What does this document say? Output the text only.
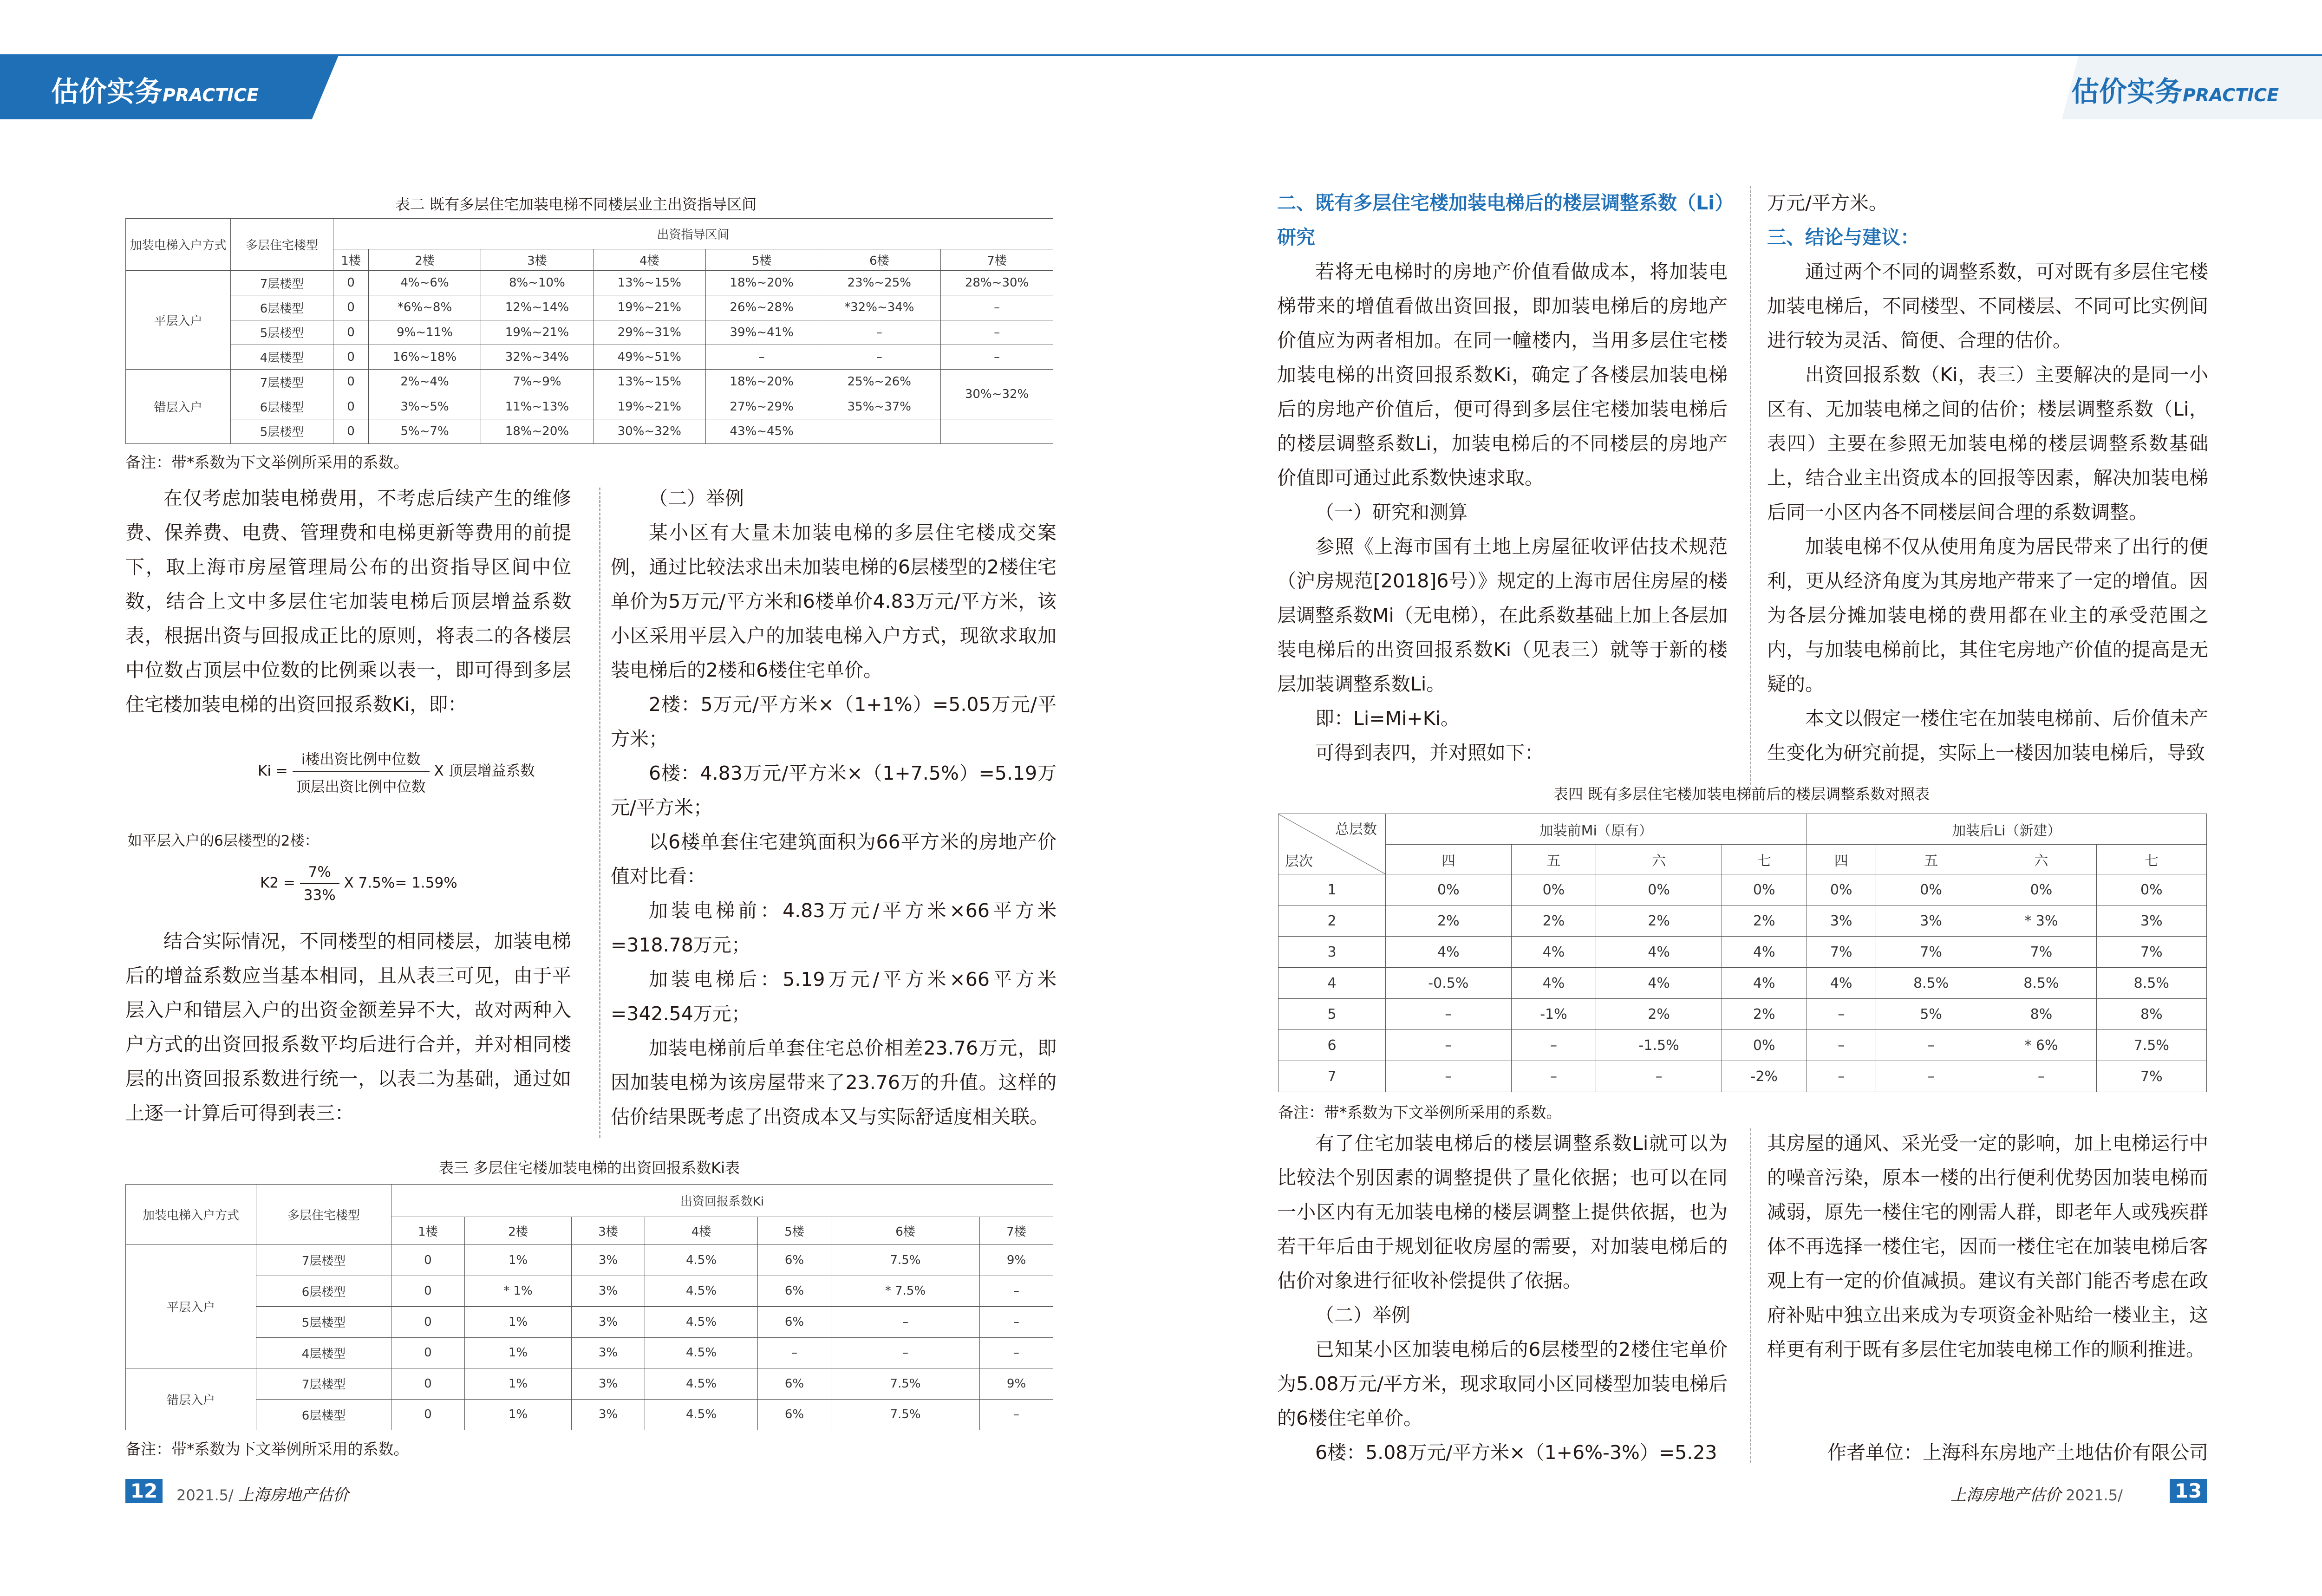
估价实务PRACTICE	估价实务PRACTICE
表二 既有多层住宅加装电梯不同楼层业主出资指导区间
加装电梯入户方式	多层住宅楼型	出资指导区间						
		1楼	2楼	3楼	4楼	5楼	6楼	7楼
平层入户	7层楼型	0	4%~6%	8%~10%	13%~15%	18%~20%	23%~25%	28%~30%
	6层楼型	0	*6%~8%	12%~14%	19%~21%	26%~28%	*32%~34%	–
	5层楼型	0	9%~11%	19%~21%	29%~31%	39%~41%	–	–
	4层楼型	0	16%~18%	32%~34%	49%~51%	–	–	–
错层入户	7层楼型	0	2%~4%	7%~9%	13%~15%	18%~20%	25%~26%	30%~32%
	6层楼型	0	3%~5%	11%~13%	19%~21%	27%~29%	35%~37%	
	5层楼型	0	5%~7%	18%~20%	30%~32%	43%~45%		
备注：带*系数为下文举例所采用的系数。

在仅考虑加装电梯费用，不考虑后续产生的维修费、保养费、电费、管理费和电梯更新等费用的前提下，取上海市房屋管理局公布的出资指导区间中位数，结合上文中多层住宅加装电梯后顶层增益系数表，根据出资与回报成正比的原则，将表二的各楼层中位数占顶层中位数的比例乘以表一，即可得到多层住宅楼加装电梯的出资回报系数Ki，即：

$Ki = \frac{\text{i楼出资比例中位数}}{\text{顶层出资比例中位数}}$ X 顶层增益系数
如平层入户的6层楼型的2楼：
$K2 = \frac{7\%}{33\%}$ X 7.5%= 1.59%

结合实际情况，不同楼型的相同楼层，加装电梯后的增益系数应当基本相同，且从表三可见，由于平层入户和错层入户的出资金额差异不大，故对两种入户方式的出资回报系数平均后进行合并，并对相同楼层的出资回报系数进行统一，以表二为基础，通过如上逐一计算后可得到表三：

（二）举例

某小区有大量未加装电梯的多层住宅楼成交案例，通过比较法求出未加装电梯的6层楼型的2楼住宅单价为5万元/平方米和6楼单价4.83万元/平方米，该小区采用平层入户的加装电梯入户方式，现欲求取加装电梯后的2楼和6楼住宅单价。

2楼：5万元/平方米×（1+1%）=5.05万元/平方米；

6楼：4.83万元/平方米×（1+7.5%）=5.19万元/平方米；

以6楼单套住宅建筑面积为66平方米的房地产价值对比看：

加装电梯前：4.83万元/平方米×66平方米=318.78万元；

加装电梯后：5.19万元/平方米×66平方米=342.54万元；

加装电梯前后单套住宅总价相差23.76万元，即因加装电梯为该房屋带来了23.76万的升值。这样的估价结果既考虑了出资成本又与实际舒适度相关联。

表三 多层住宅楼加装电梯的出资回报系数Ki表
加装电梯入户方式	多层住宅楼型	出资回报系数Ki						
		1楼	2楼	3楼	4楼	5楼	6楼	7楼
平层入户	7层楼型	0	1%	3%	4.5%	6%	7.5%	9%
	6层楼型	0	* 1%	3%	4.5%	6%	* 7.5%	–
	5层楼型	0	1%	3%	4.5%	6%	–	–
	4层楼型	0	1%	3%	4.5%	–	–	–
错层入户	7层楼型	0	1%	3%	4.5%	6%	7.5%	9%
	6层楼型	0	1%	3%	4.5%	6%	7.5%	–
备注：带*系数为下文举例所采用的系数。

二、既有多层住宅楼加装电梯后的楼层调整系数（Li）研究

若将无电梯时的房地产价值看做成本，将加装电梯带来的增值看做出资回报，即加装电梯后的房地产价值应为两者相加。在同一幢楼内，当用多层住宅楼加装电梯的出资回报系数Ki，确定了各楼层加装电梯后的房地产价值后，便可得到多层住宅楼加装电梯后的楼层调整系数Li，加装电梯后的不同楼层的房地产价值即可通过此系数快速求取。

（一）研究和测算

参照《上海市国有土地上房屋征收评估技术规范（沪房规范[2018]6号）》规定的上海市居住房屋的楼层调整系数Mi（无电梯），在此系数基础上加上各层加装电梯后的出资回报系数Ki（见表三）就等于新的楼层加装调整系数Li。

即：Li=Mi+Ki。

可得到表四，并对照如下：

万元/平方米。

三、结论与建议：

通过两个不同的调整系数，可对既有多层住宅楼加装电梯后，不同楼型、不同楼层、不同可比实例间进行较为灵活、简便、合理的估价。

出资回报系数（Ki，表三）主要解决的是同一小区有、无加装电梯之间的估价；楼层调整系数（Li，表四）主要在参照无加装电梯的楼层调整系数基础上，结合业主出资成本的回报等因素，解决加装电梯后同一小区内各不同楼层间合理的系数调整。

加装电梯不仅从使用角度为居民带来了出行的便利，更从经济角度为其房地产带来了一定的增值。因为各层分摊加装电梯的费用都在业主的承受范围之内，与加装电梯前比，其住宅房地产价值的提高是无疑的。

本文以假定一楼住宅在加装电梯前、后价值未产生变化为研究前提，实际上一楼因加装电梯后，导致

表四 既有多层住宅楼加装电梯前后的楼层调整系数对照表
总层数
层次	加装前Mi（原有）				加装后Li（新建）			
	四	五	六	七	四	五	六	七
1	0%	0%	0%	0%	0%	0%	0%	0%
2	2%	2%	2%	2%	3%	3%	* 3%	3%
3	4%	4%	4%	4%	7%	7%	7%	7%
4	-0.5%	4%	4%	4%	4%	8.5%	8.5%	8.5%
5	–	-1%	2%	2%	–	5%	8%	8%
6	–	–	-1.5%	0%	–	–	* 6%	7.5%
7	–	–	–	-2%	–	–	–	7%
备注：带*系数为下文举例所采用的系数。

有了住宅加装电梯后的楼层调整系数Li就可以为比较法个别因素的调整提供了量化依据；也可以在同一小区内有无加装电梯的楼层调整上提供依据，也为若干年后由于规划征收房屋的需要，对加装电梯后的估价对象进行征收补偿提供了依据。

（二）举例

已知某小区加装电梯后的6层楼型的2楼住宅单价为5.08万元/平方米，现求取同小区同楼型加装电梯后的6楼住宅单价。

6楼：5.08万元/平方米×（1+6%-3%）=5.23

其房屋的通风、采光受一定的影响，加上电梯运行中的噪音污染，原本一楼的出行便利优势因加装电梯而减弱，原先一楼住宅的刚需人群，即老年人或残疾群体不再选择一楼住宅，因而一楼住宅在加装电梯后客观上有一定的价值减损。建议有关部门能否考虑在政府补贴中独立出来成为专项资金补贴给一楼业主，这样更有利于既有多层住宅加装电梯工作的顺利推进。

作者单位：上海科东房地产土地估价有限公司
12	2021.5/ 上海房地产估价	上海房地产估价 2021.5/	13
